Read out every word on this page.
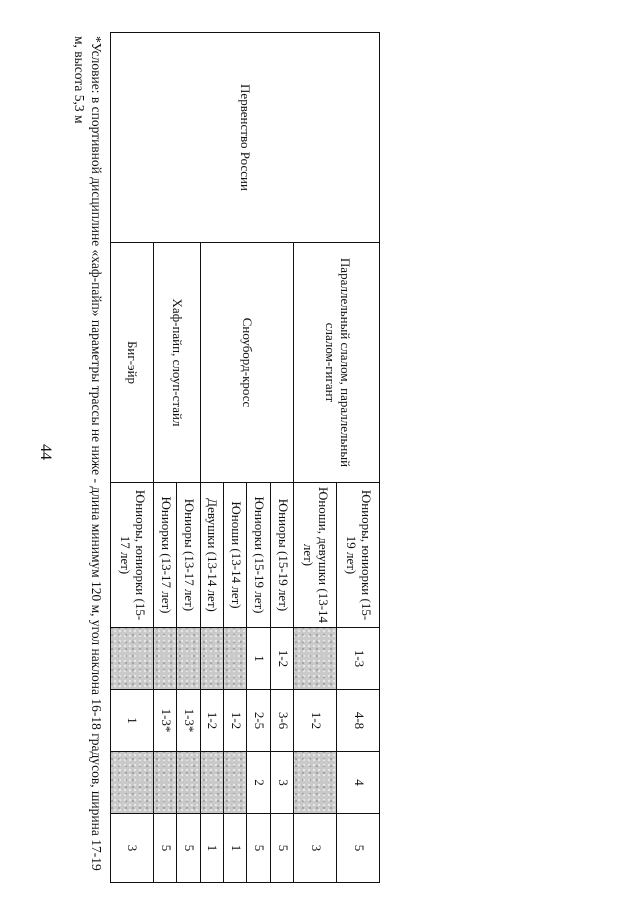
44
Первенство России	Параллельный слалом, параллельный слалом-гигант	Юниоры, юниорки (15-19 лет)	1-3	4-8	4	5
		Юноши, девушки (13-14 лет)		1-2		3
	Сноуборд-кросс	Юниоры (15-19 лет)	1-2	3-6	3	5
		Юниорки (15-19 лет)	1	2-5	2	5
		Юноши (13-14 лет)		1-2		1
		Девушки (13-14 лет)		1-2		1
	Хаф-пайп, слоуп-стайл	Юниоры (13-17 лет)		1-3*		5
		Юниорки (13-17 лет)		1-3*		5
	Биг-эйр	Юниоры, юниорки (15-17 лет)		1		3
*Условие: в спортивной дисциплине «хаф-пайп» параметры трассы не ниже - длина минимум 120 м, угол наклона 16-18 градусов, ширина 17-19 м, высота 5,3 м
